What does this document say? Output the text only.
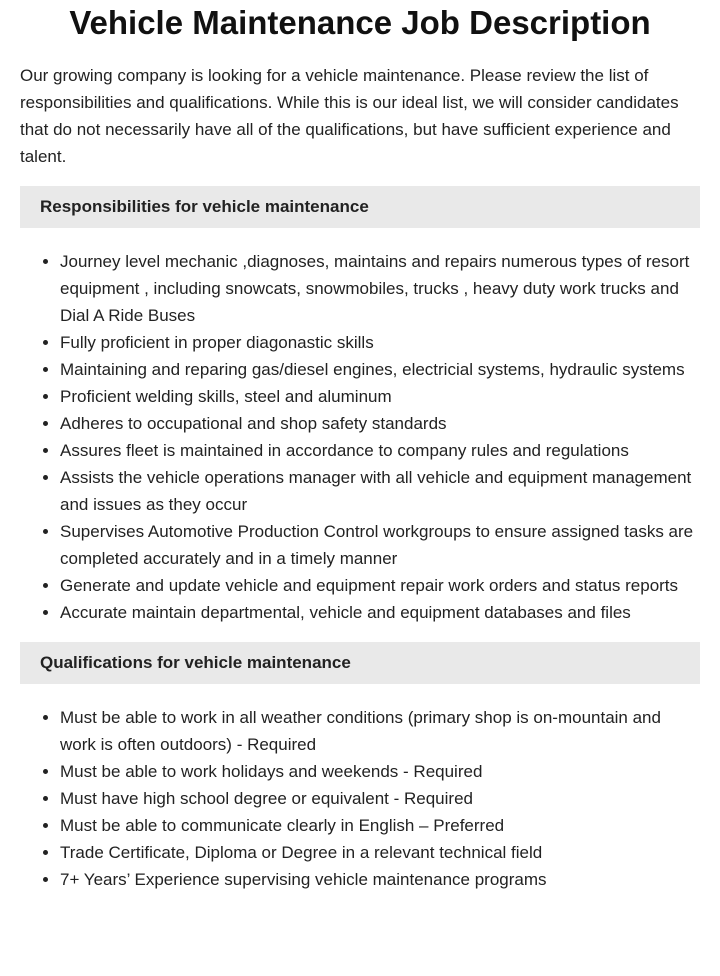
Vehicle Maintenance Job Description

Our growing company is looking for a vehicle maintenance. Please review the list of responsibilities and qualifications. While this is our ideal list, we will consider candidates that do not necessarily have all of the qualifications, but have sufficient experience and talent.

Responsibilities for vehicle maintenance
• Journey level mechanic ,diagnoses, maintains and repairs numerous types of resort equipment , including snowcats, snowmobiles, trucks , heavy duty work trucks and Dial A Ride Buses
• Fully proficient in proper diagonastic skills
• Maintaining and reparing gas/diesel engines, electricial systems, hydraulic systems
• Proficient welding skills, steel and aluminum
• Adheres to occupational and shop safety standards
• Assures fleet is maintained in accordance to company rules and regulations
• Assists the vehicle operations manager with all vehicle and equipment management and issues as they occur
• Supervises Automotive Production Control workgroups to ensure assigned tasks are completed accurately and in a timely manner
• Generate and update vehicle and equipment repair work orders and status reports
• Accurate maintain departmental, vehicle and equipment databases and files
Qualifications for vehicle maintenance
• Must be able to work in all weather conditions (primary shop is on-mountain and work is often outdoors) - Required
• Must be able to work holidays and weekends - Required
• Must have high school degree or equivalent - Required
• Must be able to communicate clearly in English – Preferred
• Trade Certificate, Diploma or Degree in a relevant technical field
• 7+ Years’ Experience supervising vehicle maintenance programs
